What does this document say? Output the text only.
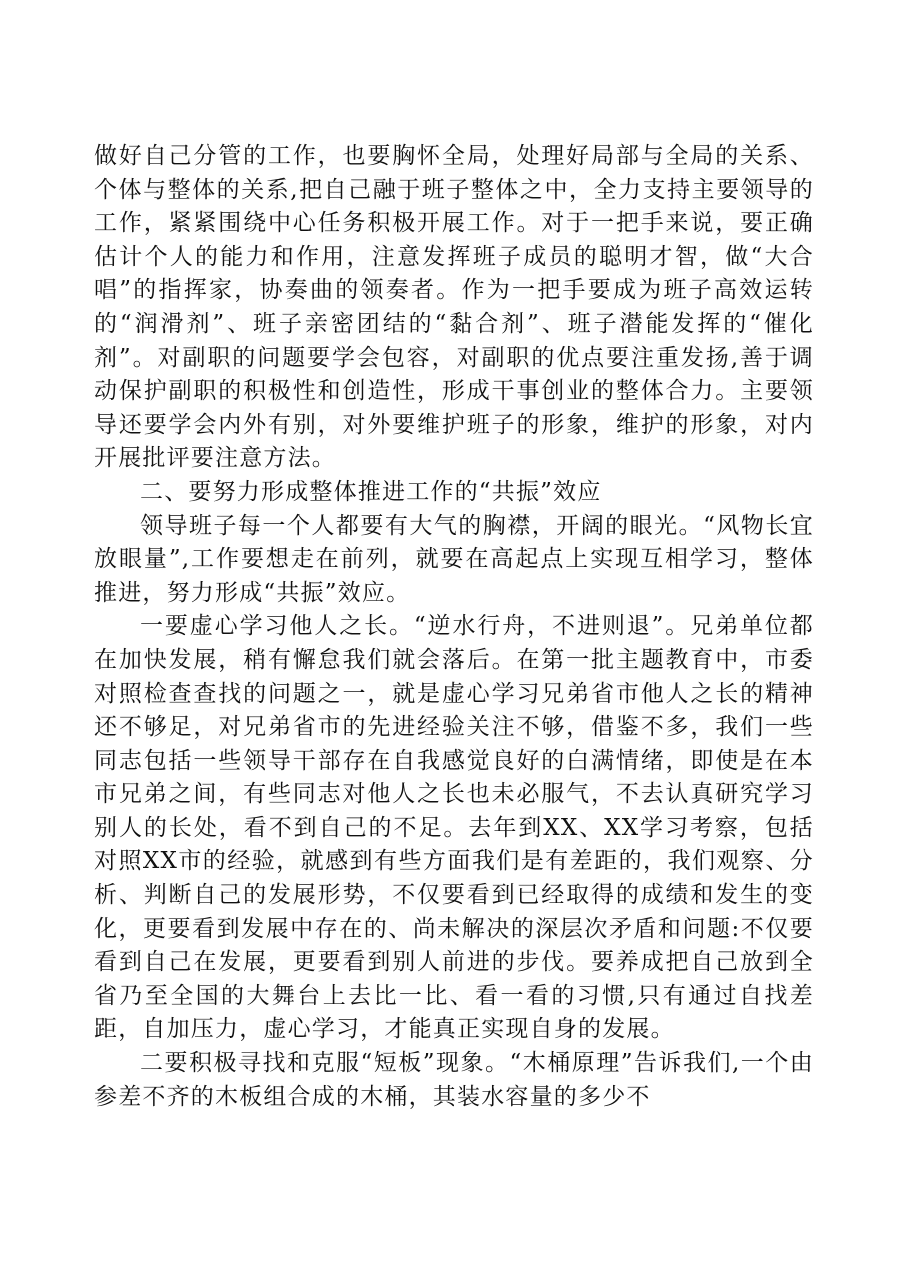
做好自己分管的工作，也要胸怀全局，处理好局部与全局的关系、个体与整体的关系,把自己融于班子整体之中，全力支持主要领导的工作，紧紧围绕中心任务积极开展工作。对于一把手来说，要正确估计个人的能力和作用，注意发挥班子成员的聪明才智，做“大合唱”的指挥家，协奏曲的领奏者。作为一把手要成为班子高效运转的“润滑剂”、班子亲密团结的“黏合剂”、班子潜能发挥的“催化剂”。对副职的问题要学会包容，对副职的优点要注重发扬,善于调动保护副职的积极性和创造性，形成干事创业的整体合力。主要领导还要学会内外有别，对外要维护班子的形象，维护的形象，对内开展批评要注意方法。

二、要努力形成整体推进工作的“共振”效应

领导班子每一个人都要有大气的胸襟，开阔的眼光。“风物长宜放眼量”,工作要想走在前列，就要在高起点上实现互相学习，整体推进，努力形成“共振”效应。

一要虚心学习他人之长。“逆水行舟，不进则退”。兄弟单位都在加快发展，稍有懈怠我们就会落后。在第一批主题教育中，市委对照检查查找的问题之一，就是虚心学习兄弟省市他人之长的精神还不够足，对兄弟省市的先进经验关注不够，借鉴不多，我们一些同志包括一些领导干部存在自我感觉良好的白满情绪，即使是在本市兄弟之间，有些同志对他人之长也未必服气，不去认真研究学习别人的长处，看不到自己的不足。去年到XX、XX学习考察，包括对照XX市的经验，就感到有些方面我们是有差距的，我们观察、分析、判断自己的发展形势，不仅要看到已经取得的成绩和发生的变化，更要看到发展中存在的、尚未解决的深层次矛盾和问题:不仅要看到自己在发展，更要看到别人前进的步伐。要养成把自己放到全省乃至全国的大舞台上去比一比、看一看的习惯,只有通过自找差距，自加压力，虚心学习，才能真正实现自身的发展。

二要积极寻找和克服“短板”现象。“木桶原理”告诉我们,一个由参差不齐的木板组合成的木桶，其装水容量的多少不
